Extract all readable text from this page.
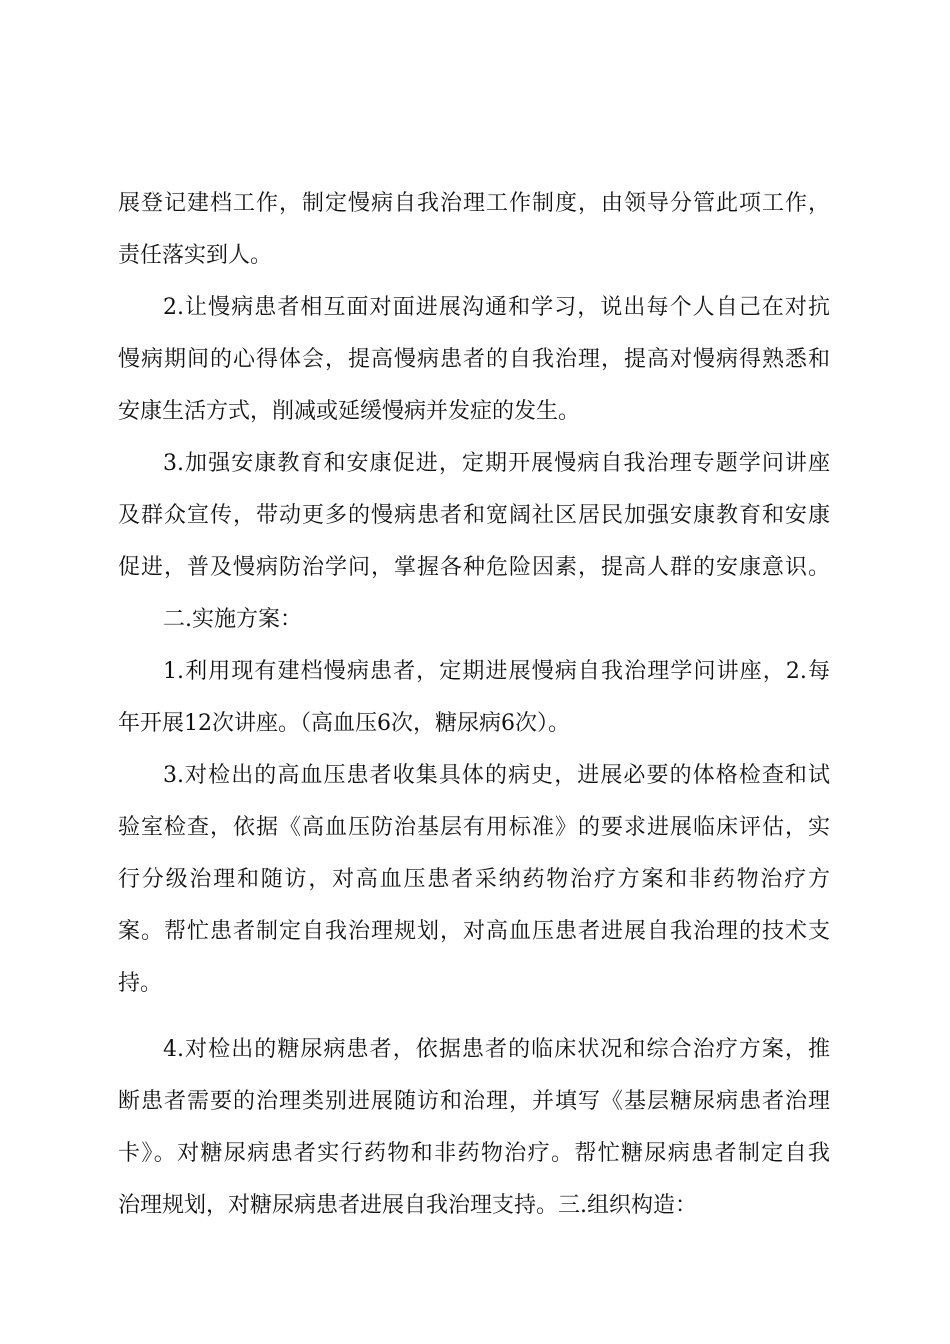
展登记建档工作，制定慢病自我治理工作制度，由领导分管此项工作，
责任落实到人。
2.让慢病患者相互面对面进展沟通和学习，说出每个人自己在对抗
慢病期间的心得体会，提高慢病患者的自我治理，提高对慢病得熟悉和
安康生活方式，削减或延缓慢病并发症的发生。
3.加强安康教育和安康促进，定期开展慢病自我治理专题学问讲座
及群众宣传，带动更多的慢病患者和宽阔社区居民加强安康教育和安康
促进，普及慢病防治学问，掌握各种危险因素，提高人群的安康意识。
二.实施方案：
1.利用现有建档慢病患者，定期进展慢病自我治理学问讲座，2.每
年开展12次讲座。（高血压6次，糖尿病6次）。
3.对检出的高血压患者收集具体的病史，进展必要的体格检查和试
验室检查，依据《高血压防治基层有用标准》的要求进展临床评估，实
行分级治理和随访，对高血压患者采纳药物治疗方案和非药物治疗方
案。帮忙患者制定自我治理规划，对高血压患者进展自我治理的技术支
持。
4.对检出的糖尿病患者，依据患者的临床状况和综合治疗方案，推
断患者需要的治理类别进展随访和治理，并填写《基层糖尿病患者治理
卡》。对糖尿病患者实行药物和非药物治疗。帮忙糖尿病患者制定自我
治理规划，对糖尿病患者进展自我治理支持。三.组织构造：
